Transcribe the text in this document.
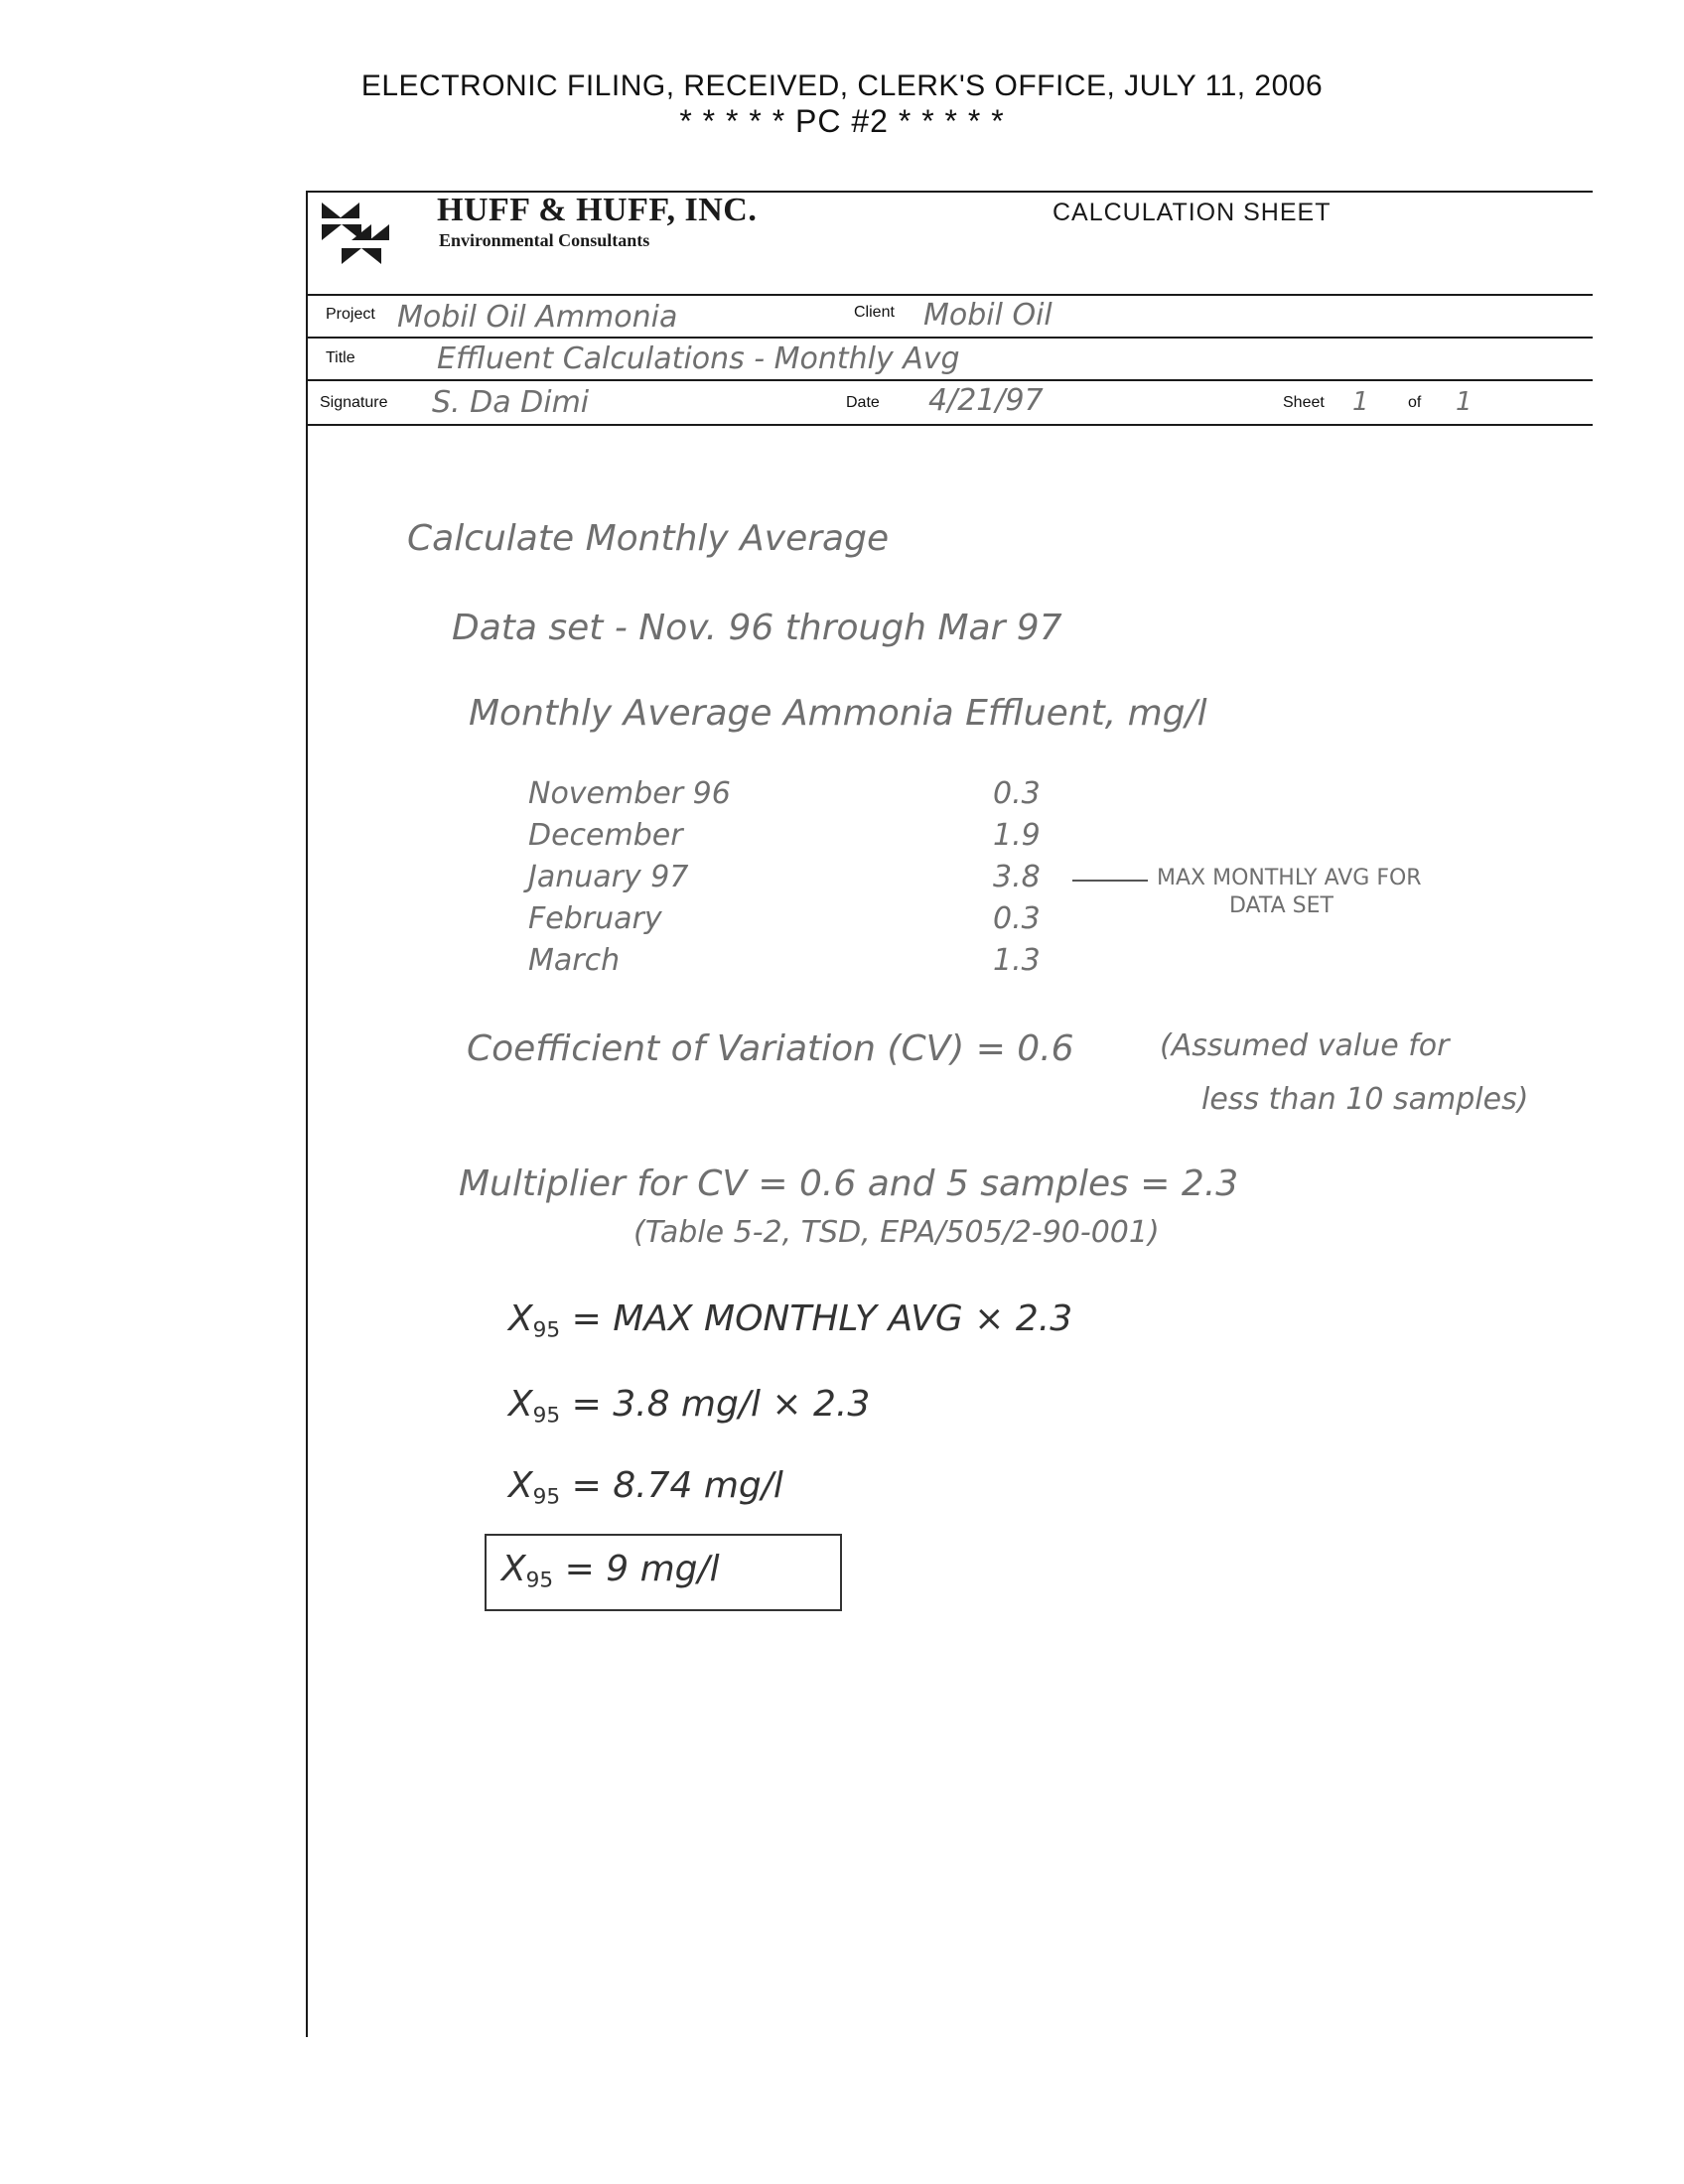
ELECTRONIC FILING, RECEIVED, CLERK'S OFFICE, JULY 11, 2006
* * * * * PC #2 * * * * *
HUFF & HUFF, INC.
Environmental Consultants
CALCULATION SHEET
Project Mobil Oil Ammonia	Client Mobil Oil
Title	Effluent Calculations - Monthly Avg
Signature S. Da Dimi	Date 4/21/97	Sheet 1 of 1
Calculate Monthly Average
Data set - Nov. 96 through Mar 97
Monthly Average Ammonia Effluent, mg/l
November 96	0.3
December	1.9
January 97	3.8
February	0.3
March	1.3
MAX MONTHLY AVG FOR
DATA SET
Coefficient of Variation (CV) = 0.6	(Assumed value for
less than 10 samples)
Multiplier for CV = 0.6 and 5 samples = 2.3
(Table 5-2, TSD, EPA/505/2-90-001)
$X_{95}$ = MAX MONTHLY AVG × 2.3
$X_{95} = 3.8$ mg/l × 2.3
$X_{95} = 8.74$ mg/l
$X_{95} = 9$ mg/l
